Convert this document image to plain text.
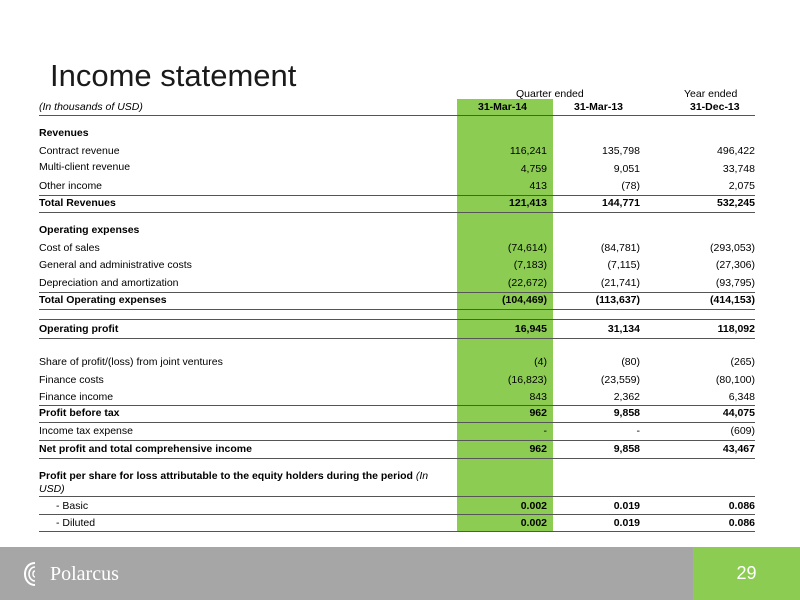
Income statement
Quarter ended	Year ended
(In thousands of USD)	31-Mar-14	31-Mar-13	31-Dec-13
Revenues
Contract revenue	116,241	135,798	496,422
Multi-client revenue	4,759	9,051	33,748
Other income	413	(78)	2,075
Total Revenues	121,413	144,771	532,245
Operating expenses
Cost of sales	(74,614)	(84,781)	(293,053)
General and administrative costs	(7,183)	(7,115)	(27,306)
Depreciation and amortization	(22,672)	(21,741)	(93,795)
Total Operating expenses	(104,469)	(113,637)	(414,153)
Operating profit	16,945	31,134	118,092
Share of profit/(loss) from joint ventures	(4)	(80)	(265)
Finance costs	(16,823)	(23,559)	(80,100)
Finance income	843	2,362	6,348
Profit before tax	962	9,858	44,075
Income tax expense	-	-	(609)
Net profit and total comprehensive income	962	9,858	43,467
Profit per share for loss attributable to the equity holders during the period (In
USD)
- Basic	0.002	0.019	0.086
- Diluted	0.002	0.019	0.086
29
Polarcus
